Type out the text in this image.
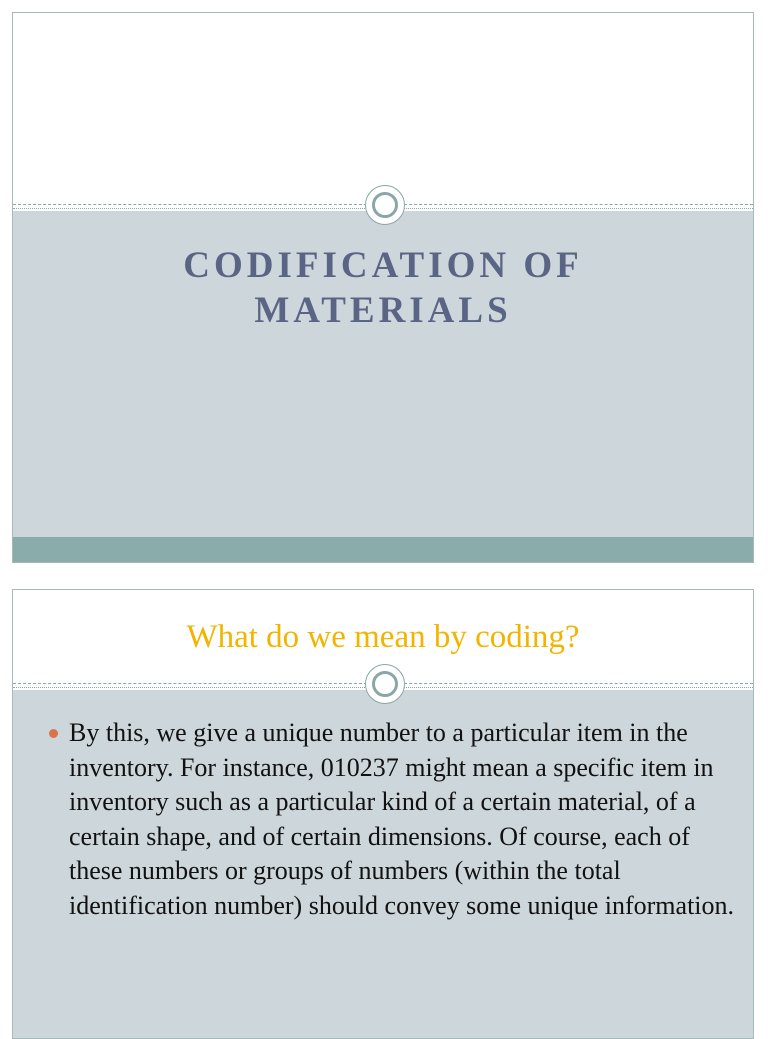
CODIFICATION OF
MATERIALS
What do we mean by coding?
By this, we give a unique number to a particular item in the inventory. For instance, 010237 might mean a specific item in inventory such as a particular kind of a certain material, of a certain shape, and of certain dimensions. Of course, each of these numbers or groups of numbers (within the total identification number) should convey some unique information.
